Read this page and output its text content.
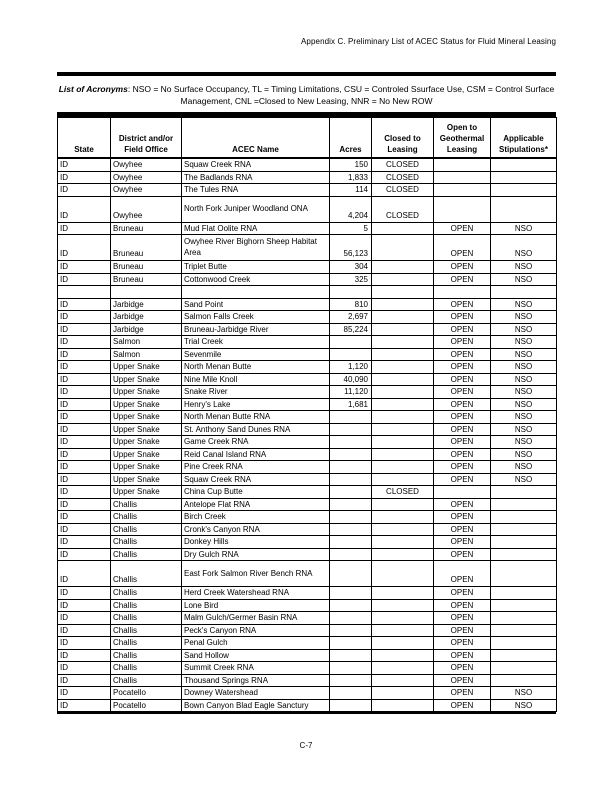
Appendix C. Preliminary List of ACEC Status for Fluid Mineral Leasing
List of Acronyms: NSO = No Surface Occupancy, TL = Timing Limitations, CSU = Controled Ssurface Use, CSM = Control Surface
Management, CNL =Closed to New Leasing, NNR = No New ROW
State	District and/or Field Office	ACEC Name	Acres	Closed to Leasing	Open to Geothermal Leasing	Applicable Stipulations*
ID	Owyhee	Squaw Creek RNA	150	CLOSED		
ID	Owyhee	The Badlands RNA	1,833	CLOSED		
ID	Owyhee	The Tules RNA	114	CLOSED		
ID	Owyhee	North Fork Juniper Woodland ONA	4,204	CLOSED		
ID	Bruneau	Mud Flat Oolite RNA	5		OPEN	NSO
ID	Bruneau	Owyhee River Bighorn Sheep Habitat Area	56,123		OPEN	NSO
ID	Bruneau	Triplet Butte	304		OPEN	NSO
ID	Bruneau	Cottonwood Creek	325		OPEN	NSO

ID	Jarbidge	Sand Point	810		OPEN	NSO
ID	Jarbidge	Salmon Falls Creek	2,697		OPEN	NSO
ID	Jarbidge	Bruneau-Jarbidge River	85,224		OPEN	NSO
ID	Salmon	Trial Creek			OPEN	NSO
ID	Salmon	Sevenmile			OPEN	NSO
ID	Upper Snake	North Menan Butte	1,120		OPEN	NSO
ID	Upper Snake	Nine Mile Knoll	40,090		OPEN	NSO
ID	Upper Snake	Snake River	11,120		OPEN	NSO
ID	Upper Snake	Henry's Lake	1,681		OPEN	NSO
ID	Upper Snake	North Menan Butte RNA			OPEN	NSO
ID	Upper Snake	St. Anthony Sand Dunes RNA			OPEN	NSO
ID	Upper Snake	Game Creek RNA			OPEN	NSO
ID	Upper Snake	Reid Canal Island RNA			OPEN	NSO
ID	Upper Snake	Pine Creek RNA			OPEN	NSO
ID	Upper Snake	Squaw Creek RNA			OPEN	NSO
ID	Upper Snake	China Cup Butte		CLOSED		
ID	Challis	Antelope Flat RNA			OPEN	
ID	Challis	Birch Creek			OPEN	
ID	Challis	Cronk's Canyon RNA			OPEN	
ID	Challis	Donkey Hills			OPEN	
ID	Challis	Dry Gulch RNA			OPEN	
ID	Challis	East Fork Salmon River Bench RNA			OPEN	
ID	Challis	Herd Creek Watershead RNA			OPEN	
ID	Challis	Lone Bird			OPEN	
ID	Challis	Malm Gulch/Germer Basin RNA			OPEN	
ID	Challis	Peck's Canyon RNA			OPEN	
ID	Challis	Penal Gulch			OPEN	
ID	Challis	Sand Hollow			OPEN	
ID	Challis	Summit Creek RNA			OPEN	
ID	Challis	Thousand Springs RNA			OPEN	
ID	Pocatello	Downey Watershead			OPEN	NSO
ID	Pocatello	Bown Canyon Blad Eagle Sanctury			OPEN	NSO
C-7
